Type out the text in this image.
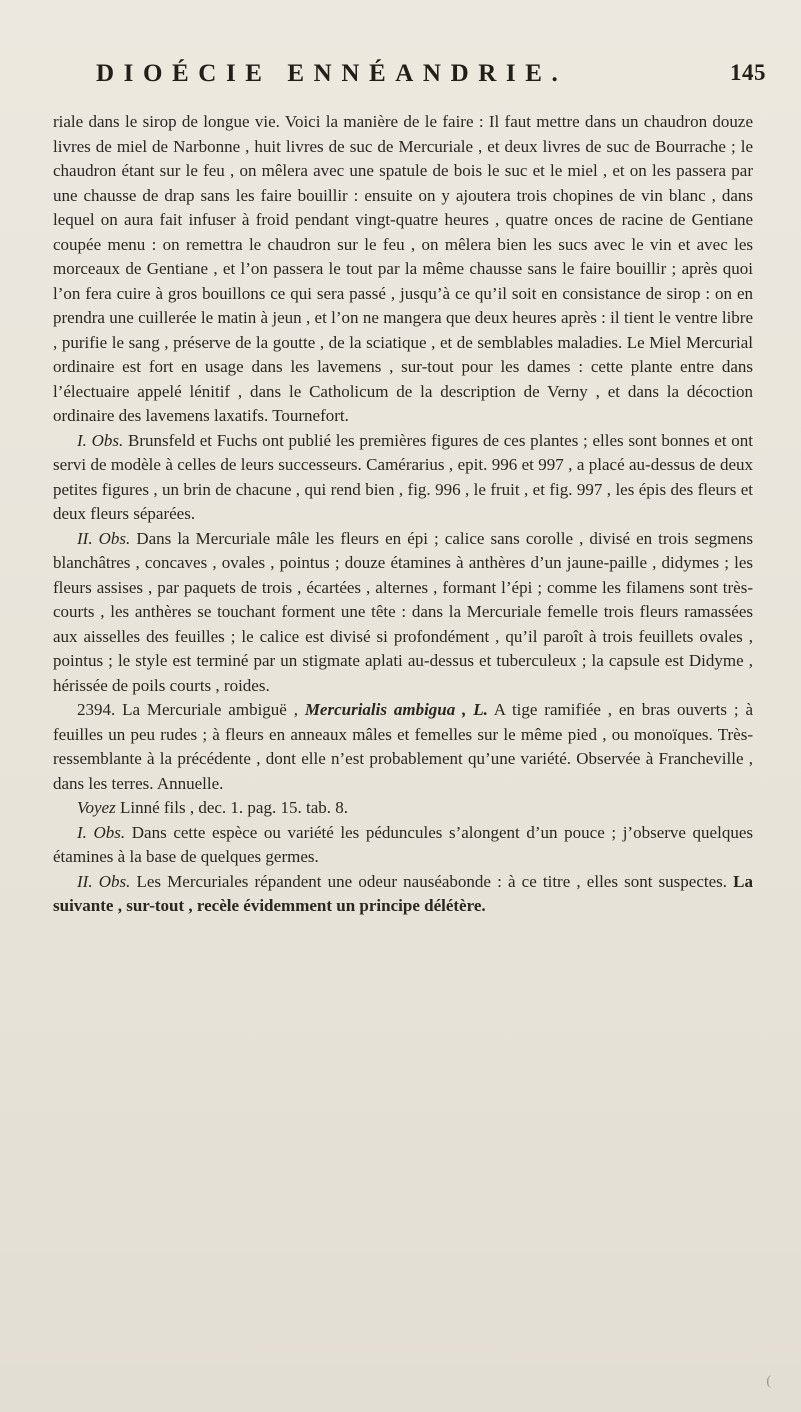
DIOÉCIE ENNÉANDRIE.	145

riale dans le sirop de longue vie. Voici la manière de le faire : Il faut mettre dans un chaudron douze livres de miel de Narbonne , huit livres de suc de Mercuriale , et deux livres de suc de Bourrache ; le chaudron étant sur le feu , on mêlera avec une spatule de bois le suc et le miel , et on les passera par une chausse de drap sans les faire bouillir : ensuite on y ajoutera trois chopines de vin blanc , dans lequel on aura fait infuser à froid pendant vingt-quatre heures , quatre onces de racine de Gentiane coupée menu : on remettra le chaudron sur le feu , on mêlera bien les sucs avec le vin et avec les morceaux de Gentiane , et l’on passera le tout par la même chausse sans le faire bouillir ; après quoi l’on fera cuire à gros bouillons ce qui sera passé , jusqu’à ce qu’il soit en consistance de sirop : on en prendra une cuillerée le matin à jeun , et l’on ne mangera que deux heures après : il tient le ventre libre , purifie le sang , préserve de la goutte , de la sciatique , et de semblables maladies. Le Miel Mercurial ordinaire est fort en usage dans les lavemens , sur-tout pour les dames : cette plante entre dans l’électuaire appelé lénitif , dans le Catholicum de la description de Verny , et dans la décoction ordinaire des lavemens laxatifs. Tournefort.

I. Obs. Brunsfeld et Fuchs ont publié les premières figures de ces plantes ; elles sont bonnes et ont servi de modèle à celles de leurs successeurs. Camérarius , epit. 996 et 997 , a placé au-dessus de deux petites figures , un brin de chacune , qui rend bien , fig. 996 , le fruit , et fig. 997 , les épis des fleurs et deux fleurs séparées.

II. Obs. Dans la Mercuriale mâle les fleurs en épi ; calice sans corolle , divisé en trois segmens blanchâtres , concaves , ovales , pointus ; douze étamines à anthères d’un jaune-paille , didymes ; les fleurs assises , par paquets de trois , écartées , alternes , formant l’épi ; comme les filamens sont très-courts , les anthères se touchant forment une tête : dans la Mercuriale femelle trois fleurs ramassées aux aisselles des feuilles ; le calice est divisé si profondément , qu’il paroît à trois feuillets ovales , pointus ; le style est terminé par un stigmate aplati au-dessus et tuberculeux ; la capsule est Didyme , hérissée de poils courts , roides.

2394. La Mercuriale ambiguë , Mercurialis ambigua , L. A tige ramifiée , en bras ouverts ; à feuilles un peu rudes ; à fleurs en anneaux mâles et femelles sur le même pied , ou monoïques. Très-ressemblante à la précédente , dont elle n’est probablement qu’une variété. Observée à Francheville , dans les terres. Annuelle.

Voyez Linné fils , dec. 1. pag. 15. tab. 8.

I. Obs. Dans cette espèce ou variété les péduncules s’alongent d’un pouce ; j’observe quelques étamines à la base de quelques germes.

II. Obs. Les Mercuriales répandent une odeur nauséabonde : à ce titre , elles sont suspectes. La suivante , sur-tout , recèle évidemment un principe délétère.

(
